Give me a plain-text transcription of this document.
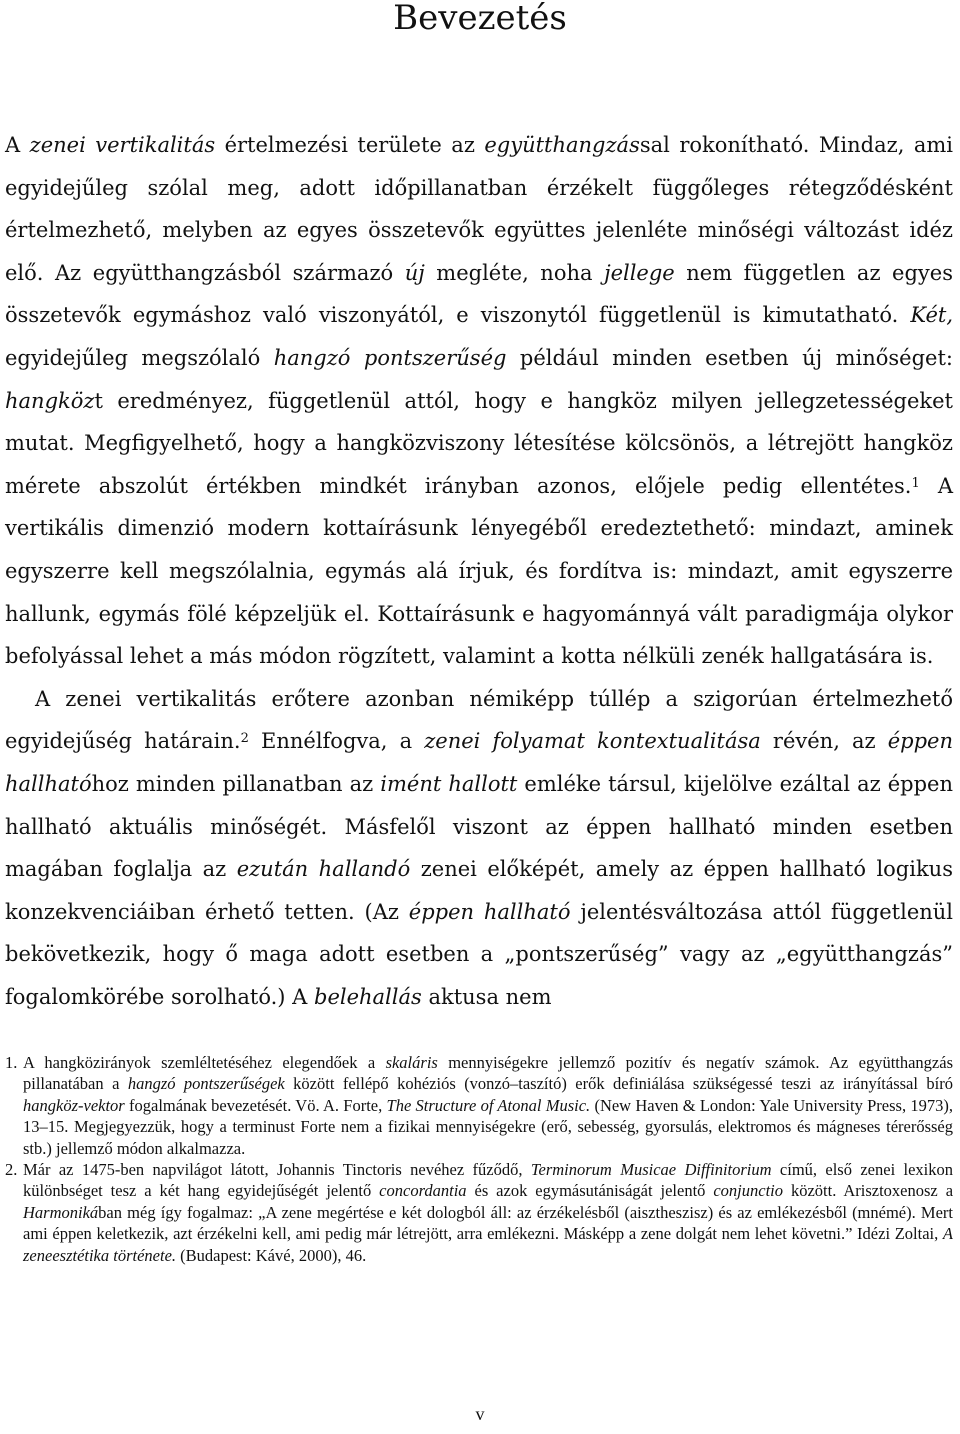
Bevezetés

A zenei vertikalitás értelmezési területe az együtthangzással rokonítható. Mindaz, ami egyidejűleg szólal meg, adott időpillanatban érzékelt függőleges rétegződésként értelmezhető, melyben az egyes összetevők együttes jelenléte minőségi változást idéz elő. Az együtthangzásból származó új megléte, noha jellege nem független az egyes összetevők egymáshoz való viszonyától, e viszonytól függetlenül is kimutatható. Két, egyidejűleg megszólaló hangzó pontszerűség például minden esetben új minőséget: hangközt eredményez, függetlenül attól, hogy e hangköz milyen jellegzetességeket mutat. Megfigyelhető, hogy a hangközviszony létesítése kölcsönös, a létrejött hangköz mérete abszolút értékben mindkét irányban azonos, előjele pedig ellentétes.$^1$ A vertikális dimenzió modern kottaírásunk lényegéből eredeztethető: mindazt, aminek egyszerre kell megszólalnia, egymás alá írjuk, és fordítva is: mindazt, amit egyszerre hallunk, egymás fölé képzeljük el. Kottaírásunk e hagyománnyá vált paradigmája olykor befolyással lehet a más módon rögzített, valamint a kotta nélküli zenék hallgatására is.

A zenei vertikalitás erőtere azonban némiképp túllép a szigorúan értelmezhető egyidejűség határain.$^2$ Ennélfogva, a zenei folyamat kontextualitása révén, az éppen hallhatóhoz minden pillanatban az imént hallott emléke társul, kijelölve ezáltal az éppen hallható aktuális minőségét. Másfelől viszont az éppen hallható minden esetben magában foglalja az ezután hallandó zenei előképét, amely az éppen hallható logikus konzekvenciáiban érhető tetten. (Az éppen hallható jelentésváltozása attól függetlenül bekövetkezik, hogy ő maga adott esetben a „pontszerűség” vagy az „együtthangzás” fogalomkörébe sorolható.) A belehallás aktusa nem

1. A hangközirányok szemléltetéséhez elegendőek a skaláris mennyiségekre jellemző pozitív és negatív számok. Az együtthangzás pillanatában a hangzó pontszerűségek között fellépő kohéziós (vonzó–taszító) erők definiálása szükségessé teszi az irányítással bíró hangköz-vektor fogalmának bevezetését. Vö. A. Forte, The Structure of Atonal Music. (New Haven & London: Yale University Press, 1973), 13–15. Megjegyezzük, hogy a terminust Forte nem a fizikai mennyiségekre (erő, sebesség, gyorsulás, elektromos és mágneses térerősség stb.) jellemző módon alkalmazza.
2. Már az 1475-ben napvilágot látott, Johannis Tinctoris nevéhez fűződő, Terminorum Musicae Diffinitorium című, első zenei lexikon különbséget tesz a két hang egyidejűségét jelentő concordantia és azok egymásutániságát jelentő conjunctio között. Arisztoxenosz a Harmonikában még így fogalmaz: „A zene megértése e két dologból áll: az érzékelésből (aisztheszisz) és az emlékezésből (mnémé). Mert ami éppen keletkezik, azt érzékelni kell, ami pedig már létrejött, arra emlékezni. Másképp a zene dolgát nem lehet követni.” Idézi Zoltai, A zeneesztétika története. (Budapest: Kávé, 2000), 46.
v
